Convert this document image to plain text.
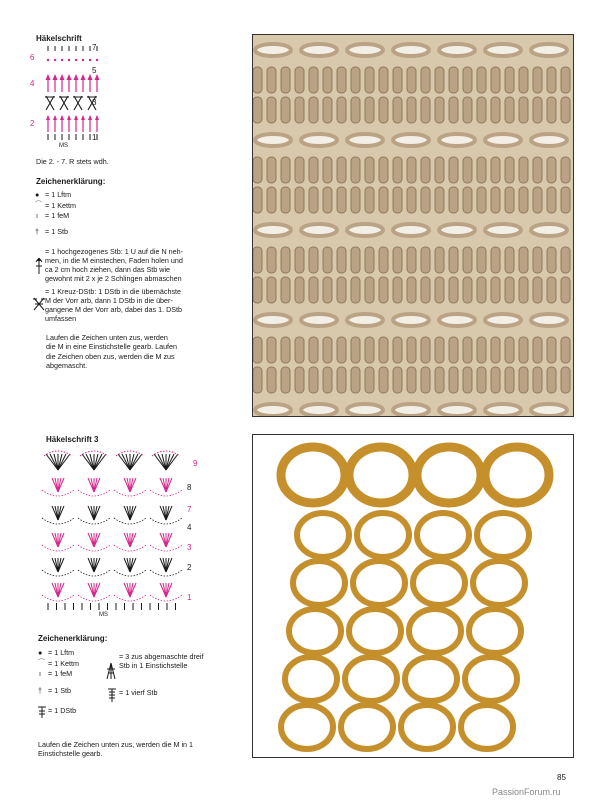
Häkelschrift
7
5
3
1
6
4
2
MS
Die 2. - 7. R stets wdh.
Zeichenerklärung:
● = 1 Lftm
⌒ = 1 Kettm
ı = 1 feM
† = 1 Stb

= 1 hochgezogenes Stb: 1 U auf die N neh-
men, in die M einstechen, Faden holen und
ca 2 cm hoch ziehen, dann das Stb wie
gewohnt mit 2 x je 2 Schlingen abmaschen

= 1 Kreuz-DStb: 1 DStb in die übernächste
M der Vorr arb, dann 1 DStb in die über-
gangene M der Vorr arb, dabei das 1. DStb
umfassen

Laufen die Zeichen unten zus, werden
die M in eine Einstichstelle gearb. Laufen
die Zeichen oben zus, werden die M zus
abgemascht.
Häkelschrift 3
9
8
7
4
3
2
1
MS
Zeichenerklärung:
● = 1 Lftm
⌒ = 1 Kettm
ı = 1 feM
† = 1 Stb
= 1 DStb

= 3 zus abgemaschte dreif
Stb in 1 Einstichstelle

= 1 vierf Stb
Laufen die Zeichen unten zus, werden die M in 1
Einstichstelle gearb.
85
PassionForum.ru
